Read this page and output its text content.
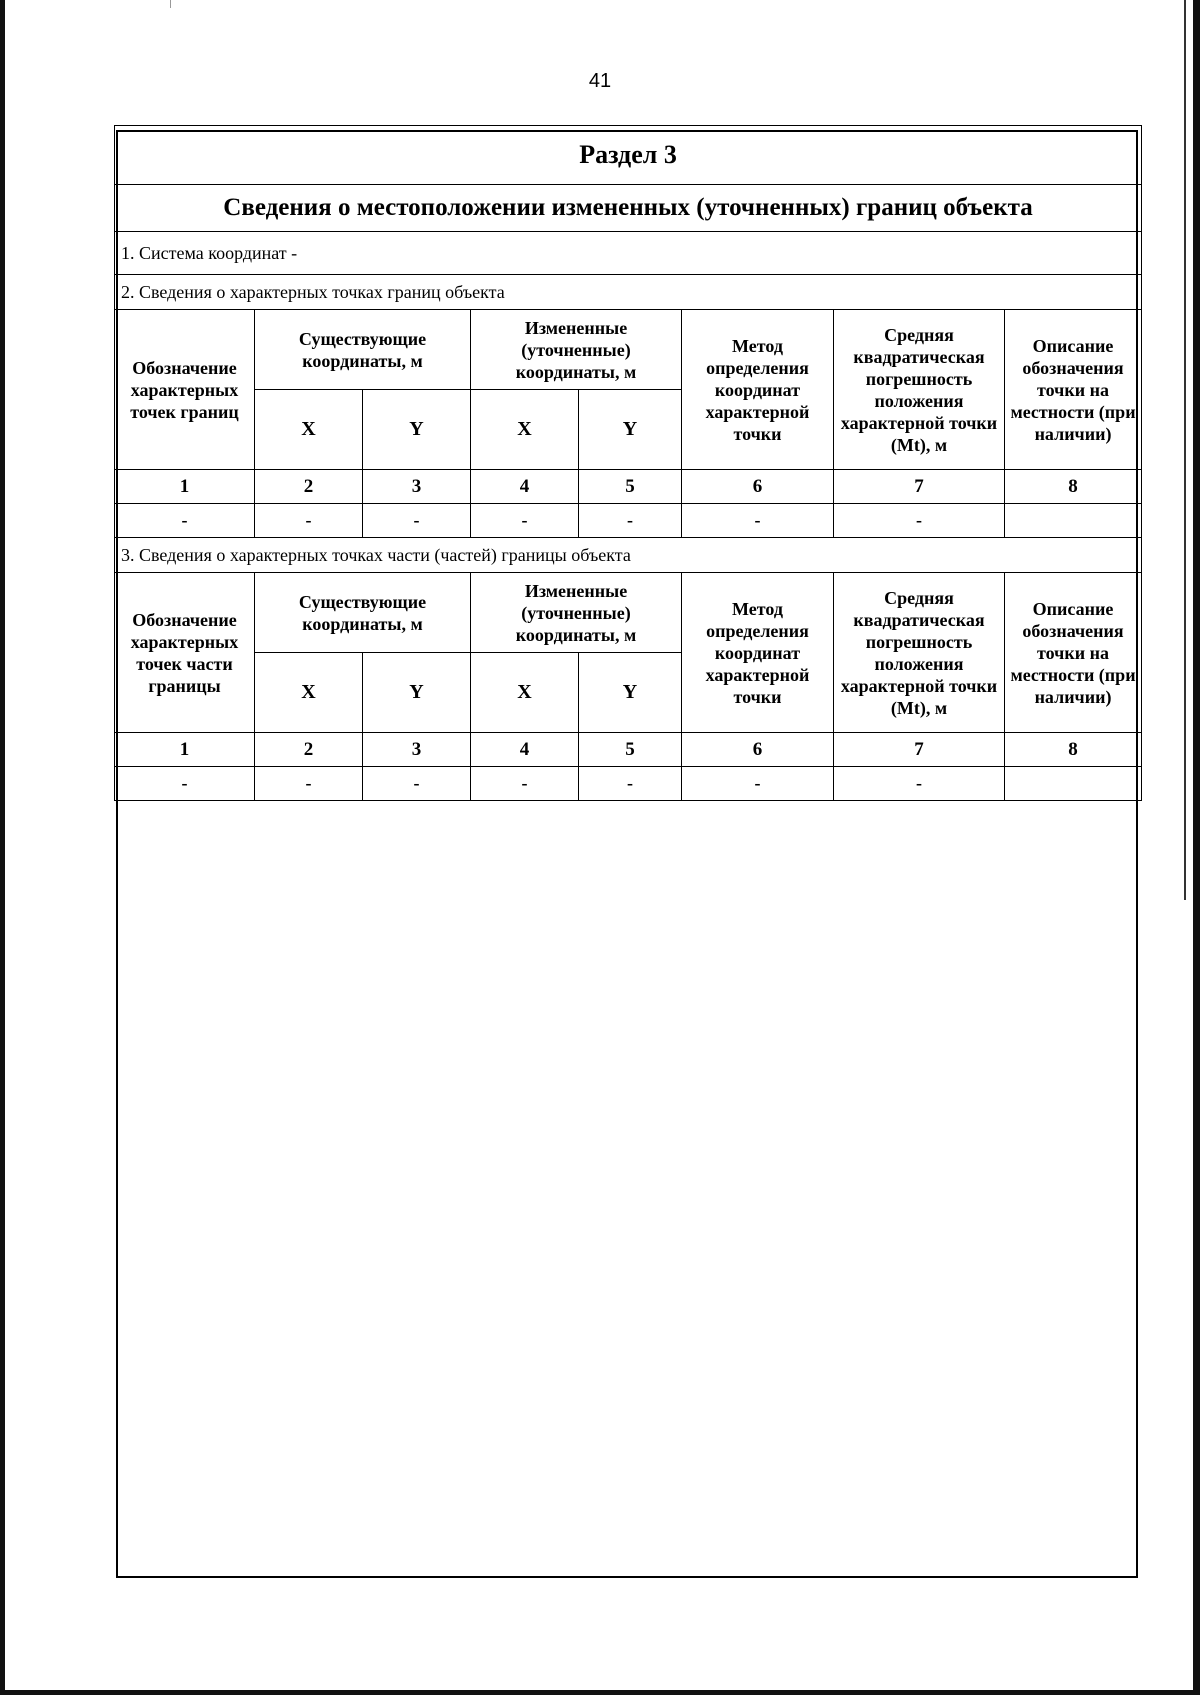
41
Раздел 3							
Сведения о местоположении измененных (уточненных) границ объекта							
1. Система координат -							
2. Сведения о характерных точках границ объекта							
Обозначение характерных точек границ	Существующие координаты, м		Измененные (уточненные) координаты, м		Метод определения координат характерной точки	Средняя квадратическая погрешность положения характерной точки (Mt), м	Описание обозначения точки на местности (при наличии)
	X	Y	X	Y			
1	2	3	4	5	6	7	8
-	-	-	-	-	-	-	
3. Сведения о характерных точках части (частей) границы объекта							
Обозначение характерных точек части границы	Существующие координаты, м		Измененные (уточненные) координаты, м		Метод определения координат характерной точки	Средняя квадратическая погрешность положения характерной точки (Mt), м	Описание обозначения точки на местности (при наличии)
	X	Y	X	Y			
1	2	3	4	5	6	7	8
-	-	-	-	-	-	-	
